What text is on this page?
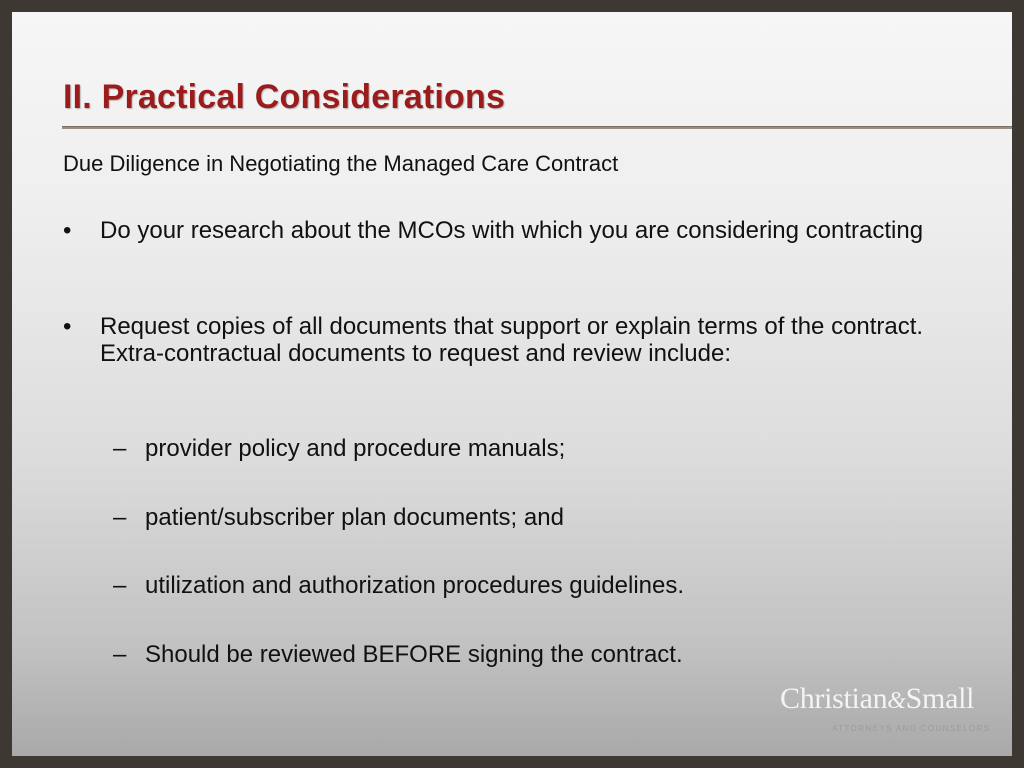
II. Practical Considerations

Due Diligence in Negotiating the Managed Care Contract

•	Do your research about the MCOs with which you are considering contracting
•	Request copies of all documents that support or explain terms of the contract. Extra-contractual documents to request and review include:
– provider policy and procedure manuals;
– patient/subscriber plan documents; and
– utilization and authorization procedures guidelines.
– Should be reviewed BEFORE signing the contract.
Christian&Small
ATTORNEYS AND COUNSELORS
